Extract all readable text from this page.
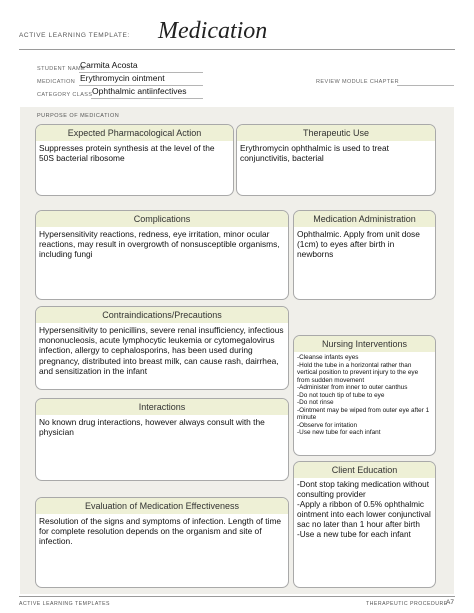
ACTIVE LEARNING TEMPLATE: Medication
STUDENT NAME
Carmita Acosta
MEDICATION Erythromycin ointment
CATEGORY CLASS Ophthalmic antiinfectives
REVIEW MODULE CHAPTER
PURPOSE OF MEDICATION
Expected Pharmacological Action
Suppresses protein synthesis at the level of the 50S bacterial ribosome
Therapeutic Use
Erythromycin ophthalmic is used to treat conjunctivitis, bacterial
Complications
Hypersensitivity reactions, redness, eye irritation, minor ocular reactions, may result in overgrowth of nonsusceptible organisms, including fungi
Medication Administration
Ophthalmic. Apply from unit dose (1cm) to eyes after birth in newborns
Contraindications/Precautions
Hypersensitivity to penicillins, severe renal insufficiency, infectious mononucleosis, acute lymphocytic leukemia or cytomegalovirus infection, allergy to cephalosporins, has been used during pregnancy, distributed into breast milk, can cause rash, dairrhea, and sensitization in the infant
Nursing Interventions
-Cleanse infants eyes
-Hold the tube in a horizontal rather than vertical position to prevent injury to the eye from sudden movement
-Administer from inner to outer canthus
-Do not touch tip of tube to eye
-Do not rinse
-Ointment may be wiped from outer eye after 1 minute
-Observe for irritation
-Use new tube for each infant
Interactions
No known drug interactions, however always consult with the physician
Client Education
-Dont stop taking medication without consulting provider
-Apply a ribbon of 0.5% ophthalmic ointment into each lower conjunctival sac no later than 1 hour after birth
-Use a new tube for each infant
Evaluation of Medication Effectiveness
Resolution of the signs and symptoms of infection. Length of time for complete resolution depends on the organism and site of infection.
ACTIVE LEARNING TEMPLATES	THERAPEUTIC PROCEDURE
A7
